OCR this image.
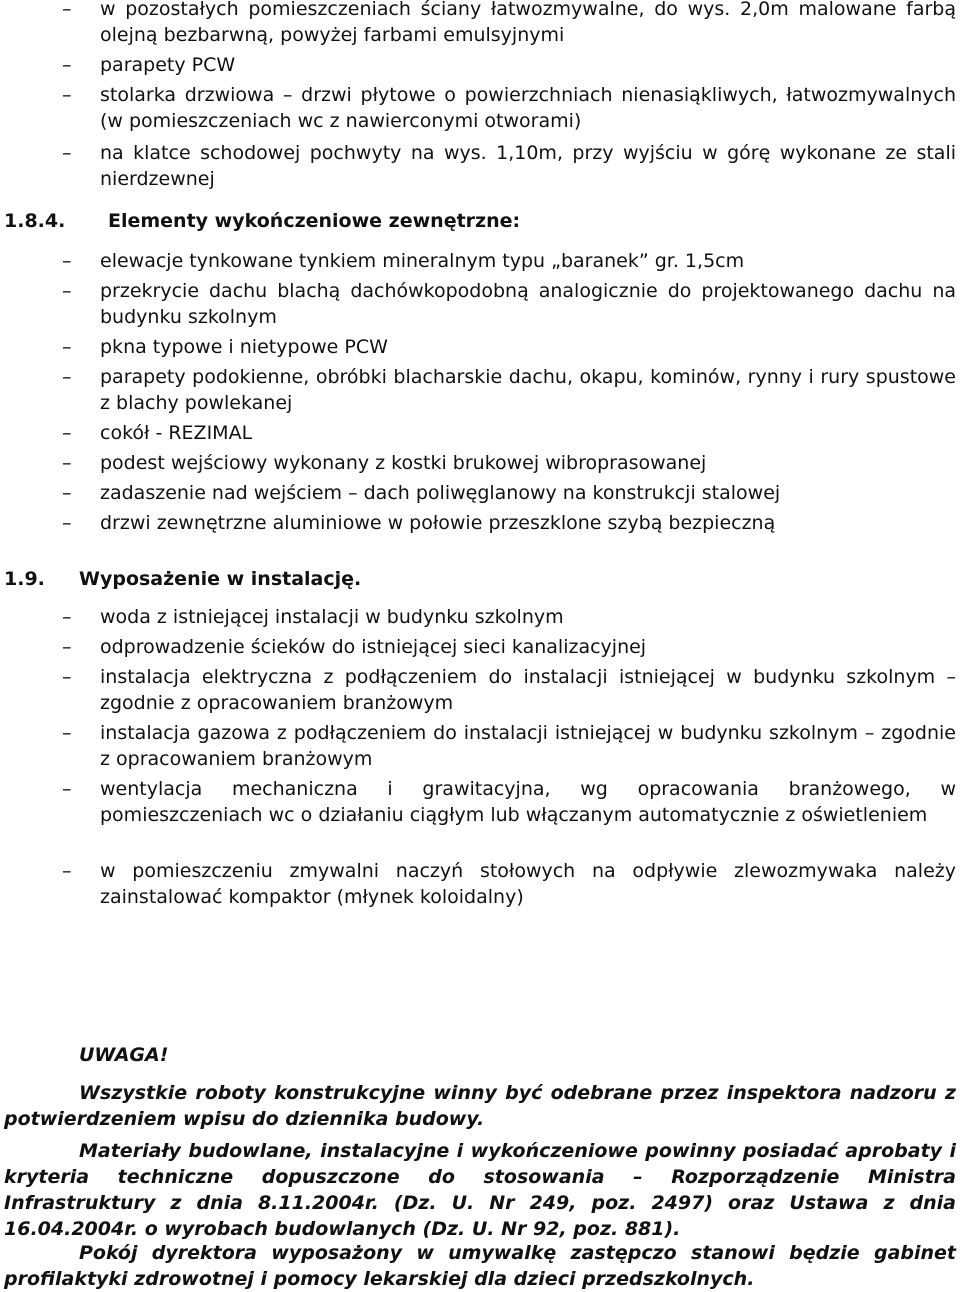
– w pozostałych pomieszczeniach ściany łatwozmywalne, do wys. 2,0m malowane farbą olejną bezbarwną, powyżej farbami emulsyjnymi
– parapety PCW
– stolarka drzwiowa – drzwi płytowe o powierzchniach nienasiąkliwych, łatwozmywalnych (w pomieszczeniach wc z nawierconymi otworami)
– na klatce schodowej pochwyty na wys. 1,10m, przy wyjściu w górę wykonane ze stali nierdzewnej
1.8.4. Elementy wykończeniowe zewnętrzne:
– elewacje tynkowane tynkiem mineralnym typu „baranek” gr. 1,5cm
– przekrycie dachu blachą dachówkopodobną analogicznie do projektowanego dachu na budynku szkolnym
– pkna typowe i nietypowe PCW
– parapety podokienne, obróbki blacharskie dachu, okapu, kominów, rynny i rury spustowe z blachy powlekanej
– cokół - REZIMAL
– podest wejściowy wykonany z kostki brukowej wibroprasowanej
– zadaszenie nad wejściem – dach poliwęglanowy na konstrukcji stalowej
– drzwi zewnętrzne aluminiowe w połowie przeszklone szybą bezpieczną
1.9. Wyposażenie w instalację.
– woda z istniejącej instalacji w budynku szkolnym
– odprowadzenie ścieków do istniejącej sieci kanalizacyjnej
– instalacja elektryczna z podłączeniem do instalacji istniejącej w budynku szkolnym – zgodnie z opracowaniem branżowym
– instalacja gazowa z podłączeniem do instalacji istniejącej w budynku szkolnym – zgodnie z opracowaniem branżowym
– wentylacja mechaniczna i grawitacyjna, wg opracowania branżowego, w pomieszczeniach wc o działaniu ciągłym lub włączanym automatycznie z oświetleniem
– w pomieszczeniu zmywalni naczyń stołowych na odpływie zlewozmywaka należy zainstalować kompaktor (młynek koloidalny)
UWAGA!
Wszystkie roboty konstrukcyjne winny być odebrane przez inspektora nadzoru z potwierdzeniem wpisu do dziennika budowy.
Materiały budowlane, instalacyjne i wykończeniowe powinny posiadać aprobaty i kryteria techniczne dopuszczone do stosowania – Rozporządzenie Ministra Infrastruktury z dnia 8.11.2004r. (Dz. U. Nr 249, poz. 2497) oraz Ustawa z dnia 16.04.2004r. o wyrobach budowlanych (Dz. U. Nr 92, poz. 881).
Pokój dyrektora wyposażony w umywalkę zastępczo stanowi będzie gabinet profilaktyki zdrowotnej i pomocy lekarskiej dla dzieci przedszkolnych.
